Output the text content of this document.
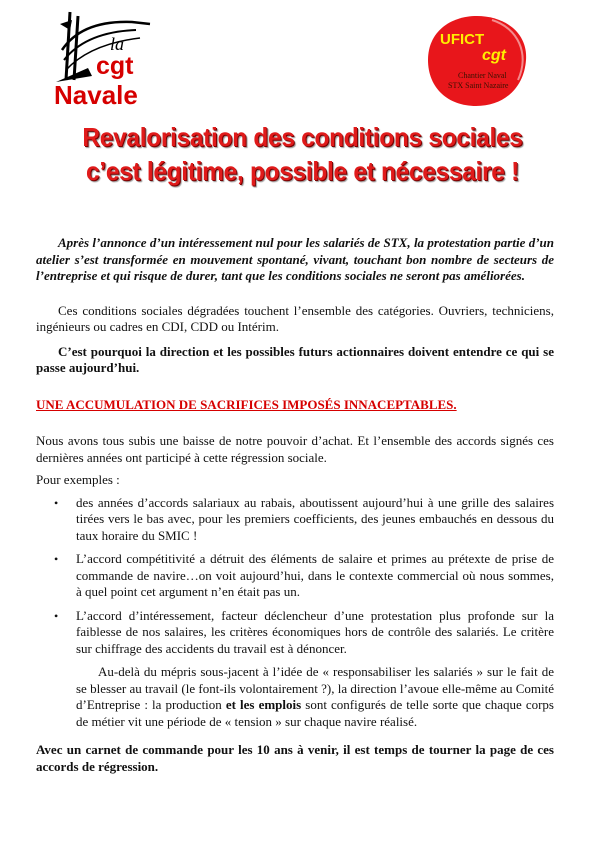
la
cgt
Navale
UFICT
cgt
Chantier Naval
STX Saint Nazaire
Revalorisation des conditions sociales
c’est légitime, possible et nécessaire !

Après l’annonce d’un intéressement nul pour les salariés de STX, la protestation partie d’un atelier s’est transformée en mouvement spontané, vivant, touchant bon nombre de secteurs de l’entreprise et qui risque de durer, tant que les conditions sociales ne seront pas améliorées.

Ces conditions sociales dégradées touchent l’ensemble des catégories. Ouvriers, techniciens, ingénieurs ou cadres en CDI, CDD ou Intérim.

C’est pourquoi la direction et les possibles futurs actionnaires doivent entendre ce qui se passe aujourd’hui.

UNE ACCUMULATION DE SACRIFICES IMPOSÉS INNACEPTABLES.

Nous avons tous subis une baisse de notre pouvoir d’achat. Et l’ensemble des accords signés ces dernières années ont participé à cette régression sociale.

Pour exemples :

• des années d’accords salariaux au rabais, aboutissent aujourd’hui à une grille des salaires tirées vers le bas avec, pour les premiers coefficients, des jeunes embauchés en dessous du taux horaire du SMIC !
• L’accord compétitivité a détruit des éléments de salaire et primes au prétexte de prise de commande de navire…on voit aujourd’hui, dans le contexte commercial où nous sommes, à quel point cet argument n’en était pas un.
• L’accord d’intéressement, facteur déclencheur d’une protestation plus profonde sur la faiblesse de nos salaires, les critères économiques hors de contrôle des salariés. Le critère sur chiffrage des accidents du travail est à dénoncer.

Au-delà du mépris sous-jacent à l’idée de « responsabiliser les salariés » sur le fait de se blesser au travail (le font-ils volontairement ?), la direction l’avoue elle-même au Comité d’Entreprise : la production et les emplois sont configurés de telle sorte que chaque corps de métier vit une période de « tension » sur chaque navire réalisé.

Avec un carnet de commande pour les 10 ans à venir, il est temps de tourner la page de ces accords de régression.
